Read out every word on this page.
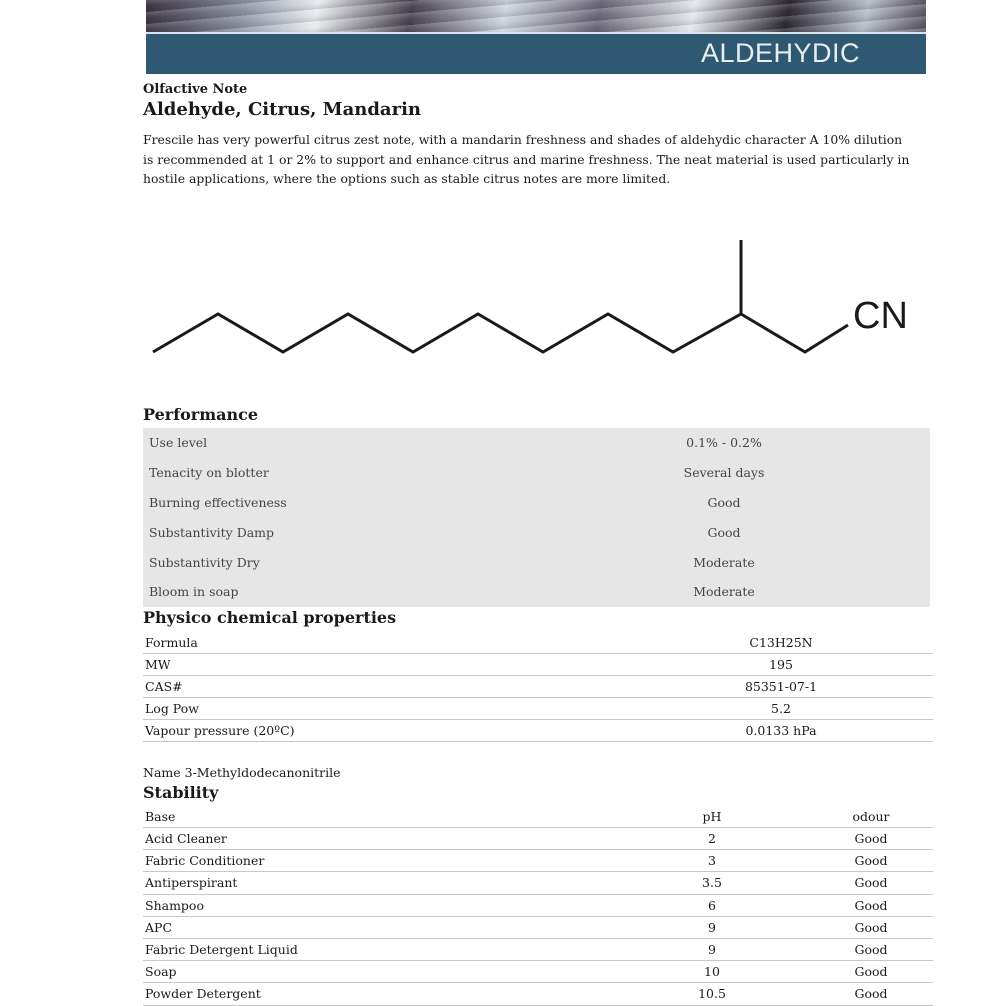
ALDEHYDIC
Olfactive Note
Aldehyde, Citrus, Mandarin
Frescile has very powerful citrus zest note, with a mandarin freshness and shades of aldehydic character A 10% dilution is recommended at 1 or 2% to support and enhance citrus and marine freshness. The neat material is used particularly in hostile applications, where the options such as stable citrus notes are more limited.
CN
Performance
Use level	0.1% - 0.2%
Tenacity on blotter	Several days
Burning effectiveness	Good
Substantivity Damp	Good
Substantivity Dry	Moderate
Bloom in soap	Moderate
Physico chemical properties
Formula	C13H25N
MW	195
CAS#	85351-07-1
Log Pow	5.2
Vapour pressure (20ºC)	0.0133 hPa
Name 3-Methyldodecanonitrile
Stability
Base	pH	odour
Acid Cleaner	2	Good
Fabric Conditioner	3	Good
Antiperspirant	3.5	Good
Shampoo	6	Good
APC	9	Good
Fabric Detergent Liquid	9	Good
Soap	10	Good
Powder Detergent	10.5	Good
